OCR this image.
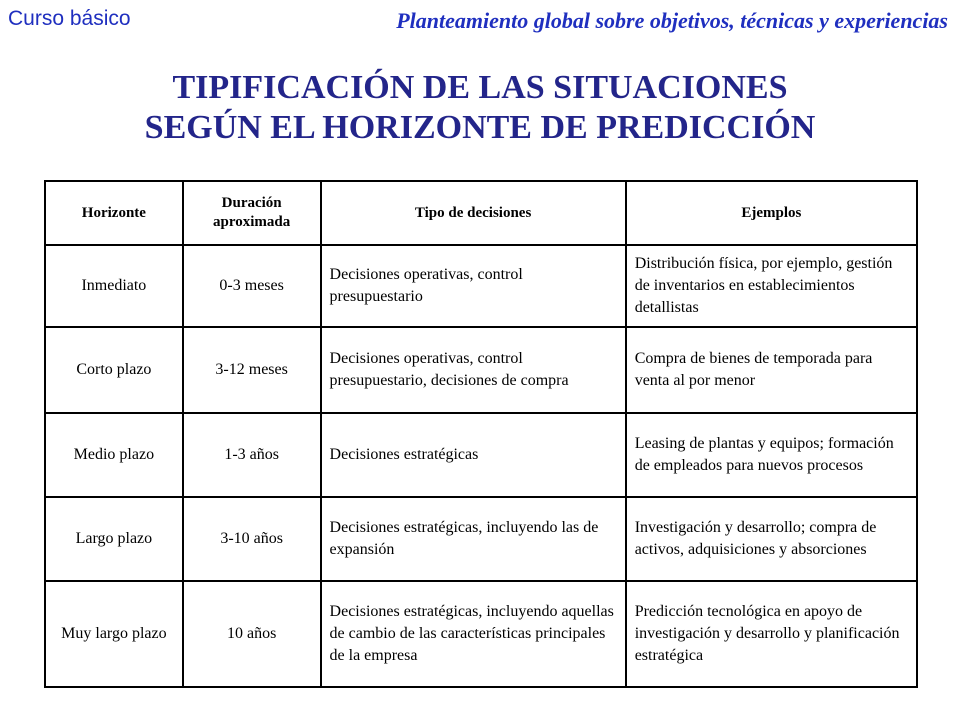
Curso básico	Planteamiento global sobre objetivos, técnicas y experiencias
TIPIFICACIÓN DE LAS SITUACIONES
SEGÚN EL HORIZONTE DE PREDICCIÓN
Horizonte	Duración aproximada	Tipo de decisiones	Ejemplos
Inmediato	0-3 meses	Decisiones operativas, control presupuestario	Distribución física, por ejemplo, gestión de inventarios en establecimientos detallistas
Corto plazo	3-12 meses	Decisiones operativas, control presupuestario, decisiones de compra	Compra de bienes de temporada para venta al por menor
Medio plazo	1-3 años	Decisiones estratégicas	Leasing de plantas y equipos; formación de empleados para nuevos procesos
Largo plazo	3-10 años	Decisiones estratégicas, incluyendo las de expansión	Investigación y desarrollo; compra de activos, adquisiciones y absorciones
Muy largo plazo	10 años	Decisiones estratégicas, incluyendo aquellas de cambio de las características principales de la empresa	Predicción tecnológica en apoyo de investigación y desarrollo y planificación estratégica
